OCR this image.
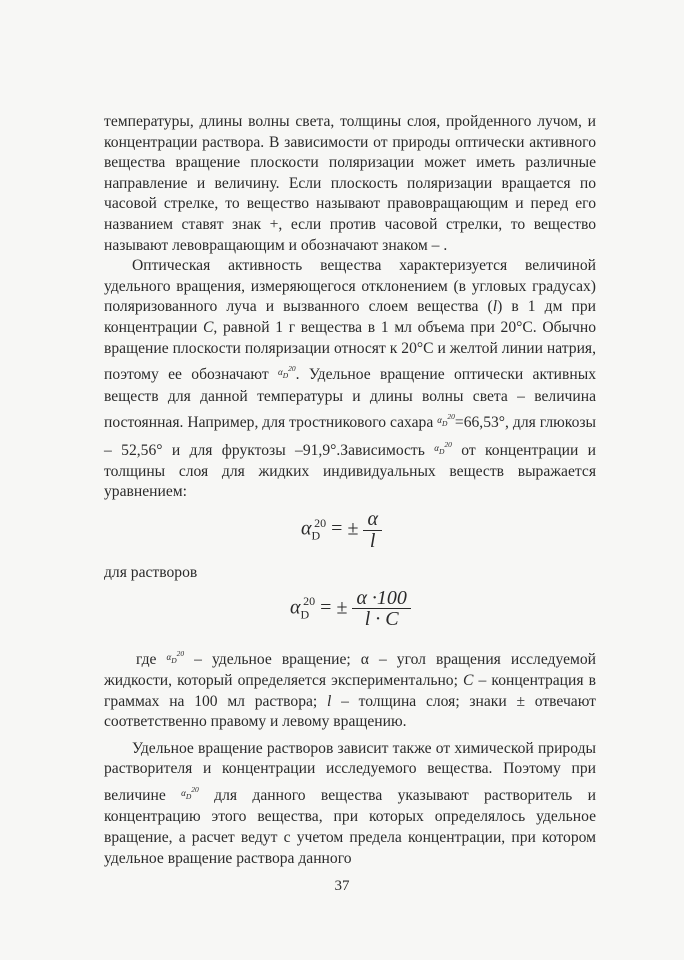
температуры, длины волны света, толщины слоя, пройденного лучом, и концентрации раствора. В зависимости от природы оптически активного вещества вращение плоскости поляризации может иметь различные направление и величину. Если плоскость поляризации вращается по часовой стрелке, то вещество называют правовращающим и перед его названием ставят знак +, если против часовой стрелки, то вещество называют левовращающим и обозначают знаком – .

Оптическая активность вещества характеризуется величиной удельного вращения, измеряющегося отклонением (в угловых градусах) поляризованного луча и вызванного слоем вещества (l) в 1 дм при концентрации C, равной 1 г вещества в 1 мл объема при 20°C. Обычно вращение плоскости поляризации относят к 20°C и желтой линии натрия, поэтому ее обозначают $^{\alpha_D^{20}}$. Удельное вращение оптически активных веществ для данной температуры и длины волны света – величина постоянная. Например, для тростникового сахара $^{\alpha_D^{20}}$=66,53°, для глюкозы – 52,56° и для фруктозы –91,9°.Зависимость $^{\alpha_D^{20}}$ от концентрации и толщины слоя для жидких индивидуальных веществ выражается уравнением:

$\alpha_D^{20}$ = ± $\frac{\alpha}{l}$

для растворов

$\alpha_D^{20}$ = ± $\frac{\alpha \cdot 100}{l \cdot C}$

где $^{\alpha_D^{20}}$ – удельное вращение; α – угол вращения исследуемой жидкости, который определяется экспериментально; C – концентрация в граммах на 100 мл раствора; l – толщина слоя; знаки ± отвечают соответственно правому и левому вращению.

Удельное вращение растворов зависит также от химической природы растворителя и концентрации исследуемого вещества. Поэтому при величине $^{\alpha_D^{20}}$ для данного вещества указывают растворитель и концентрацию этого вещества, при которых определялось удельное вращение, а расчет ведут с учетом предела концентрации, при котором удельное вращение раствора данного

37
